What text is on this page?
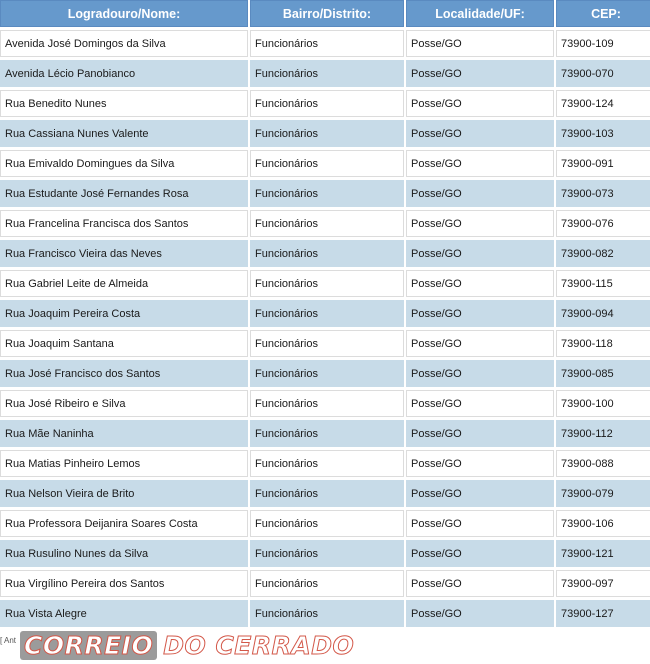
Logradouro/Nome:	Bairro/Distrito:	Localidade/UF:	CEP:
Avenida José Domingos da Silva	Funcionários	Posse/GO	73900-109
Avenida Lécio Panobianco	Funcionários	Posse/GO	73900-070
Rua Benedito Nunes	Funcionários	Posse/GO	73900-124
Rua Cassiana Nunes Valente	Funcionários	Posse/GO	73900-103
Rua Emivaldo Domingues da Silva	Funcionários	Posse/GO	73900-091
Rua Estudante José Fernandes Rosa	Funcionários	Posse/GO	73900-073
Rua Francelina Francisca dos Santos	Funcionários	Posse/GO	73900-076
Rua Francisco Vieira das Neves	Funcionários	Posse/GO	73900-082
Rua Gabriel Leite de Almeida	Funcionários	Posse/GO	73900-115
Rua Joaquim Pereira Costa	Funcionários	Posse/GO	73900-094
Rua Joaquim Santana	Funcionários	Posse/GO	73900-118
Rua José Francisco dos Santos	Funcionários	Posse/GO	73900-085
Rua José Ribeiro e Silva	Funcionários	Posse/GO	73900-100
Rua Mãe Naninha	Funcionários	Posse/GO	73900-112
Rua Matias Pinheiro Lemos	Funcionários	Posse/GO	73900-088
Rua Nelson Vieira de Brito	Funcionários	Posse/GO	73900-079
Rua Professora Deijanira Soares Costa	Funcionários	Posse/GO	73900-106
Rua Rusulino Nunes da Silva	Funcionários	Posse/GO	73900-121
Rua Virgílino Pereira dos Santos	Funcionários	Posse/GO	73900-097
Rua Vista Alegre	Funcionários	Posse/GO	73900-127
[ Ant CORREIO DO CERRADO
